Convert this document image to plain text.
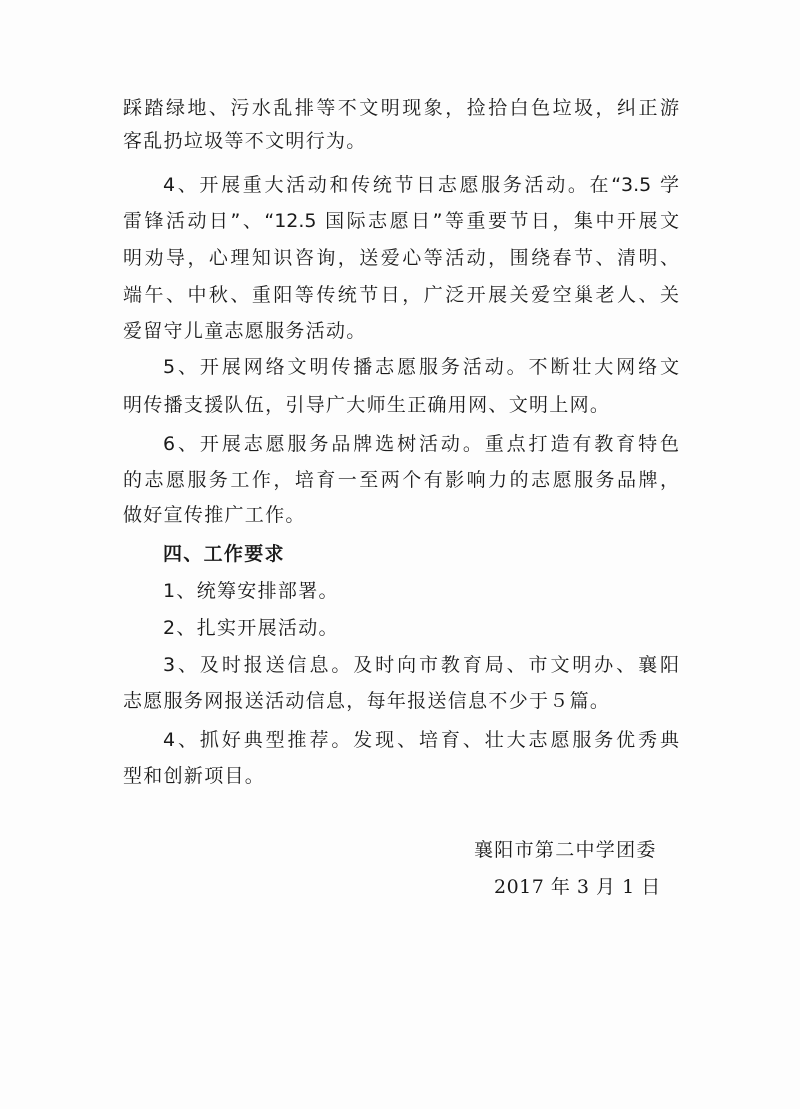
踩踏绿地、污水乱排等不文明现象，捡拾白色垃圾，纠正游
客乱扔垃圾等不文明行为。
4、开展重大活动和传统节日志愿服务活动。在“3.5 学
雷锋活动日”、“12.5 国际志愿日”等重要节日，集中开展文
明劝导，心理知识咨询，送爱心等活动，围绕春节、清明、
端午、中秋、重阳等传统节日，广泛开展关爱空巢老人、关
爱留守儿童志愿服务活动。
5、开展网络文明传播志愿服务活动。不断壮大网络文
明传播支援队伍，引导广大师生正确用网、文明上网。
6、开展志愿服务品牌选树活动。重点打造有教育特色
的志愿服务工作，培育一至两个有影响力的志愿服务品牌，
做好宣传推广工作。
四、工作要求
1、统筹安排部署。
2、扎实开展活动。
3、及时报送信息。及时向市教育局、市文明办、襄阳
志愿服务网报送活动信息，每年报送信息不少于５篇。
4、抓好典型推荐。发现、培育、壮大志愿服务优秀典
型和创新项目。
襄阳市第二中学团委
2017 年 3 月 1 日
